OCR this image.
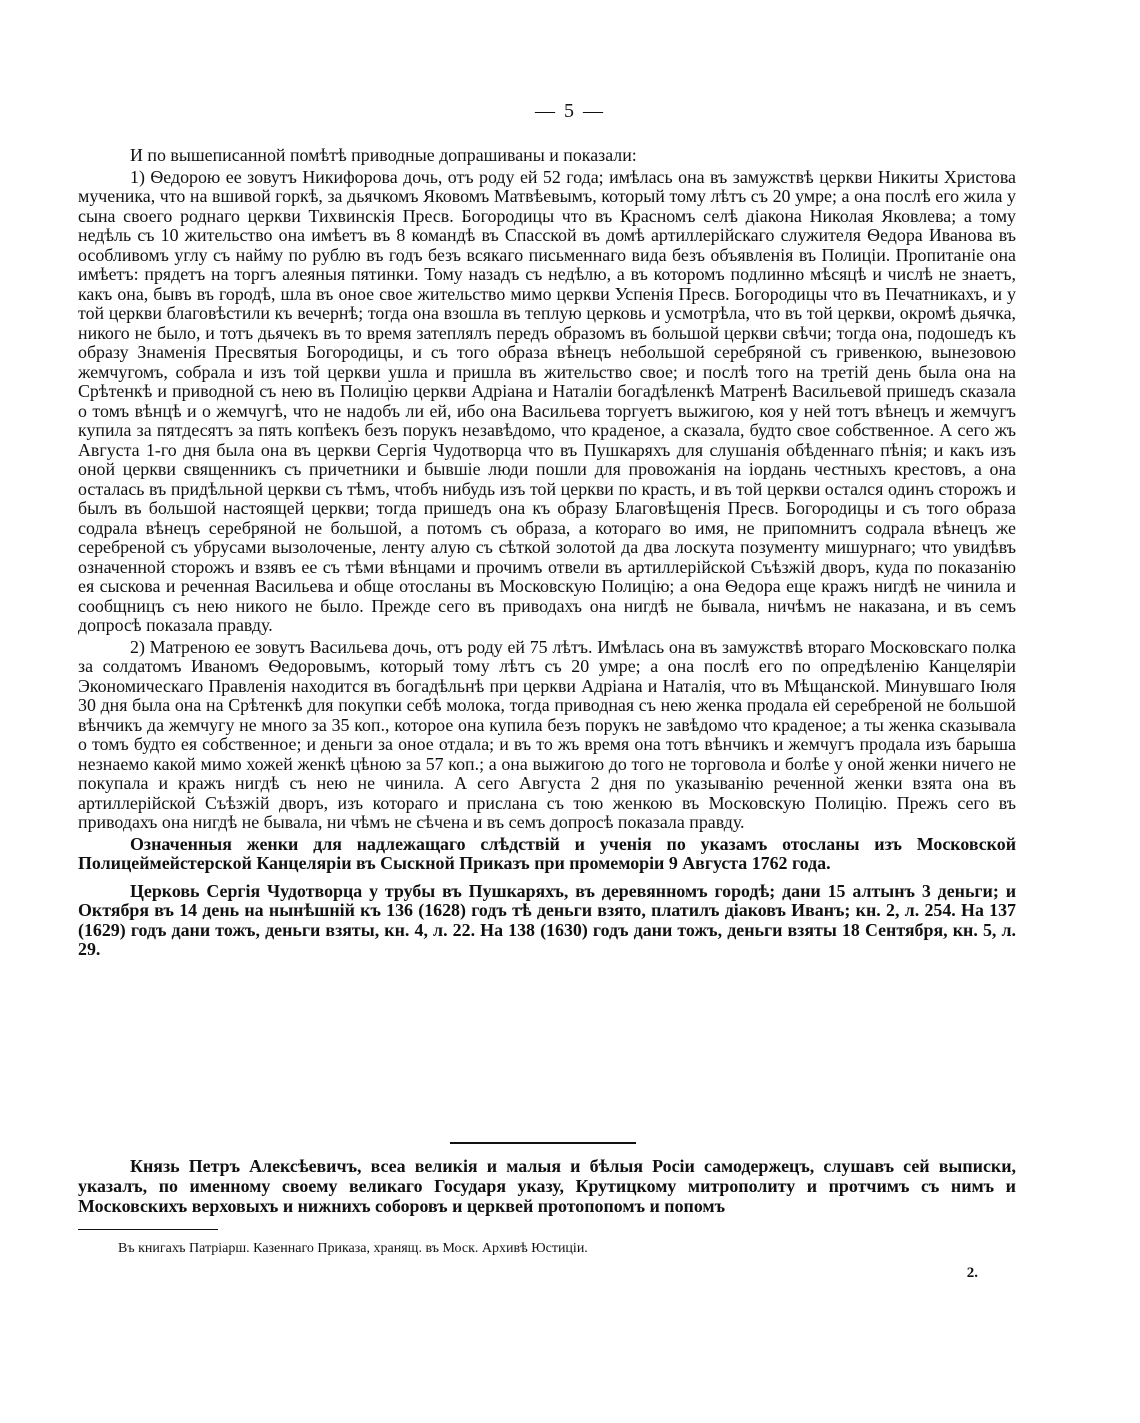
— 5 —

И по вышеписанной помѣтѣ приводные допрашиваны и показали:

1) Ѳедорою ее зовутъ Никифорова дочь, отъ роду ей 52 года; имѣлась она въ замужствѣ церкви Никиты Христова мученика, что на вшивой горкѣ, за дьячкомъ Яковомъ Матвѣевымъ, который тому лѣтъ съ 20 умре; а она послѣ его жила у сына своего роднаго церкви Тихвинскія Пресв. Богородицы что въ Красномъ селѣ діакона Николая Яковлева; а тому недѣль съ 10 жительство она имѣетъ въ 8 командѣ въ Спасской въ домѣ артиллерійскаго служителя Ѳедора Иванова въ особливомъ углу съ найму по рублю въ годъ безъ всякаго письменнаго вида безъ объявленія въ Полиціи. Пропитаніе она имѣетъ: прядетъ на торгъ алеяныя пятинки. Тому назадъ съ недѣлю, а въ которомъ подлинно мѣсяцѣ и числѣ не знаетъ, какъ она, бывъ въ городѣ, шла въ оное свое жительство мимо церкви Успенія Пресв. Богородицы что въ Печатникахъ, и у той церкви благовѣстили къ вечернѣ; тогда она взошла въ теплую церковь и усмотрѣла, что въ той церкви, окромѣ дьячка, никого не было, и тотъ дьячекъ въ то время затеплялъ передъ образомъ въ большой церкви свѣчи; тогда она, подошедъ къ образу Знаменія Пресвятыя Богородицы, и съ того образа вѣнецъ небольшой серебряной съ гривенкою, вынезовою жемчугомъ, собрала и изъ той церкви ушла и пришла въ жительство свое; и послѣ того на третій день была она на Срѣтенкѣ и приводной съ нею въ Полицію церкви Адріана и Наталіи богадѣленкѣ Матренѣ Васильевой пришедъ сказала о томъ вѣнцѣ и о жемчугѣ, что не надобъ ли ей, ибо она Васильева торгуетъ выжигою, коя у ней тотъ вѣнецъ и жемчугъ купила за пятдесятъ за пять копѣекъ безъ порукъ незавѣдомо, что краденое, а сказала, будто свое собственное. А сего жъ Августа 1-го дня была она въ церкви Сергія Чудотворца что въ Пушкаряхъ для слушанія обѣденнаго пѣнія; и какъ изъ оной церкви священникъ съ причетники и бывшіе люди пошли для провожанія на іордань честныхъ крестовъ, а она осталась въ придѣльной церкви съ тѣмъ, чтобъ нибудь изъ той церкви по красть, и въ той церкви остался одинъ сторожъ и былъ въ большой настоящей церкви; тогда пришедъ она къ образу Благовѣщенія Пресв. Богородицы и съ того образа содрала вѣнецъ серебряной не большой, а потомъ съ образа, а котораго во имя, не припомнитъ содрала вѣнецъ же серебреной съ убрусами вызолоченые, ленту алую съ сѣткой золотой да два лоскута позументу мишурнаго; что увидѣвъ означенной сторожъ и взявъ ее съ тѣми вѣнцами и прочимъ отвели въ артиллерійской Съѣзжій дворъ, куда по показанію ея сыскова и реченная Васильева и обще отосланы въ Московскую Полицію; а она Ѳедора еще кражъ нигдѣ не чинила и сообщницъ съ нею никого не было. Прежде сего въ приводахъ она нигдѣ не бывала, ничѣмъ не наказана, и въ семъ допросѣ показала правду.

2) Матреною ее зовутъ Васильева дочь, отъ роду ей 75 лѣтъ. Имѣлась она въ замужствѣ втораго Московскаго полка за солдатомъ Иваномъ Ѳедоровымъ, который тому лѣтъ съ 20 умре; а она послѣ его по опредѣленію Канцеляріи Экономическаго Правленія находится въ богадѣльнѣ при церкви Адріана и Наталія, что въ Мѣщанской. Минувшаго Іюля 30 дня была она на Срѣтенкѣ для покупки себѣ молока, тогда приводная съ нею женка продала ей серебреной не большой вѣнчикъ да жемчугу не много за 35 коп., которое она купила безъ порукъ не завѣдомо что краденое; а ты женка сказывала о томъ будто ея собственное; и деньги за оное отдала; и въ то жъ время она тотъ вѣнчикъ и жемчугъ продала изъ барыша незнаемо какой мимо хожей женкѣ цѣною за 57 коп.; а она выжигою до того не торговола и болѣе у оной женки ничего не покупала и кражъ нигдѣ съ нею не чинила. А сего Августа 2 дня по указыванію реченной женки взята она въ артиллерійской Съѣзжій дворъ, изъ котораго и прислана съ тою женкою въ Московскую Полицію. Прежъ сего въ приводахъ она нигдѣ не бывала, ни чѣмъ не сѣчена и въ семъ допросѣ показала правду.

Означенныя женки для надлежащаго слѣдствій и ученія по указамъ отосланы изъ Московской Полицеймейстерской Канцеляріи въ Сыскной Приказъ при промеморіи 9 Августа 1762 года.

Церковь Сергія Чудотворца у трубы въ Пушкаряхъ, въ деревянномъ городѣ; дани 15 алтынъ 3 деньги; и Октября въ 14 день на нынѣшній къ 136 (1628) годъ тѣ деньги взято, платилъ діаковъ Иванъ; кн. 2, л. 254. На 137 (1629) годъ дани тожъ, деньги взяты, кн. 4, л. 22. На 138 (1630) годъ дани тожъ, деньги взяты 18 Сентября, кн. 5, л. 29.

Князь Петръ Алексѣевичъ, всеа великія и малыя и бѣлыя Росіи самодержецъ, слушавъ сей выписки, указалъ, по именному своему великаго Государя указу, Крутицкому митрополиту и протчимъ съ нимъ и Московскихъ верховыхъ и нижнихъ соборовъ и церквей протопопомъ и попомъ

Въ книгахъ Патріарш. Казеннаго Приказа, хранящ. въ Моск. Архивѣ Юстиціи.
2.
